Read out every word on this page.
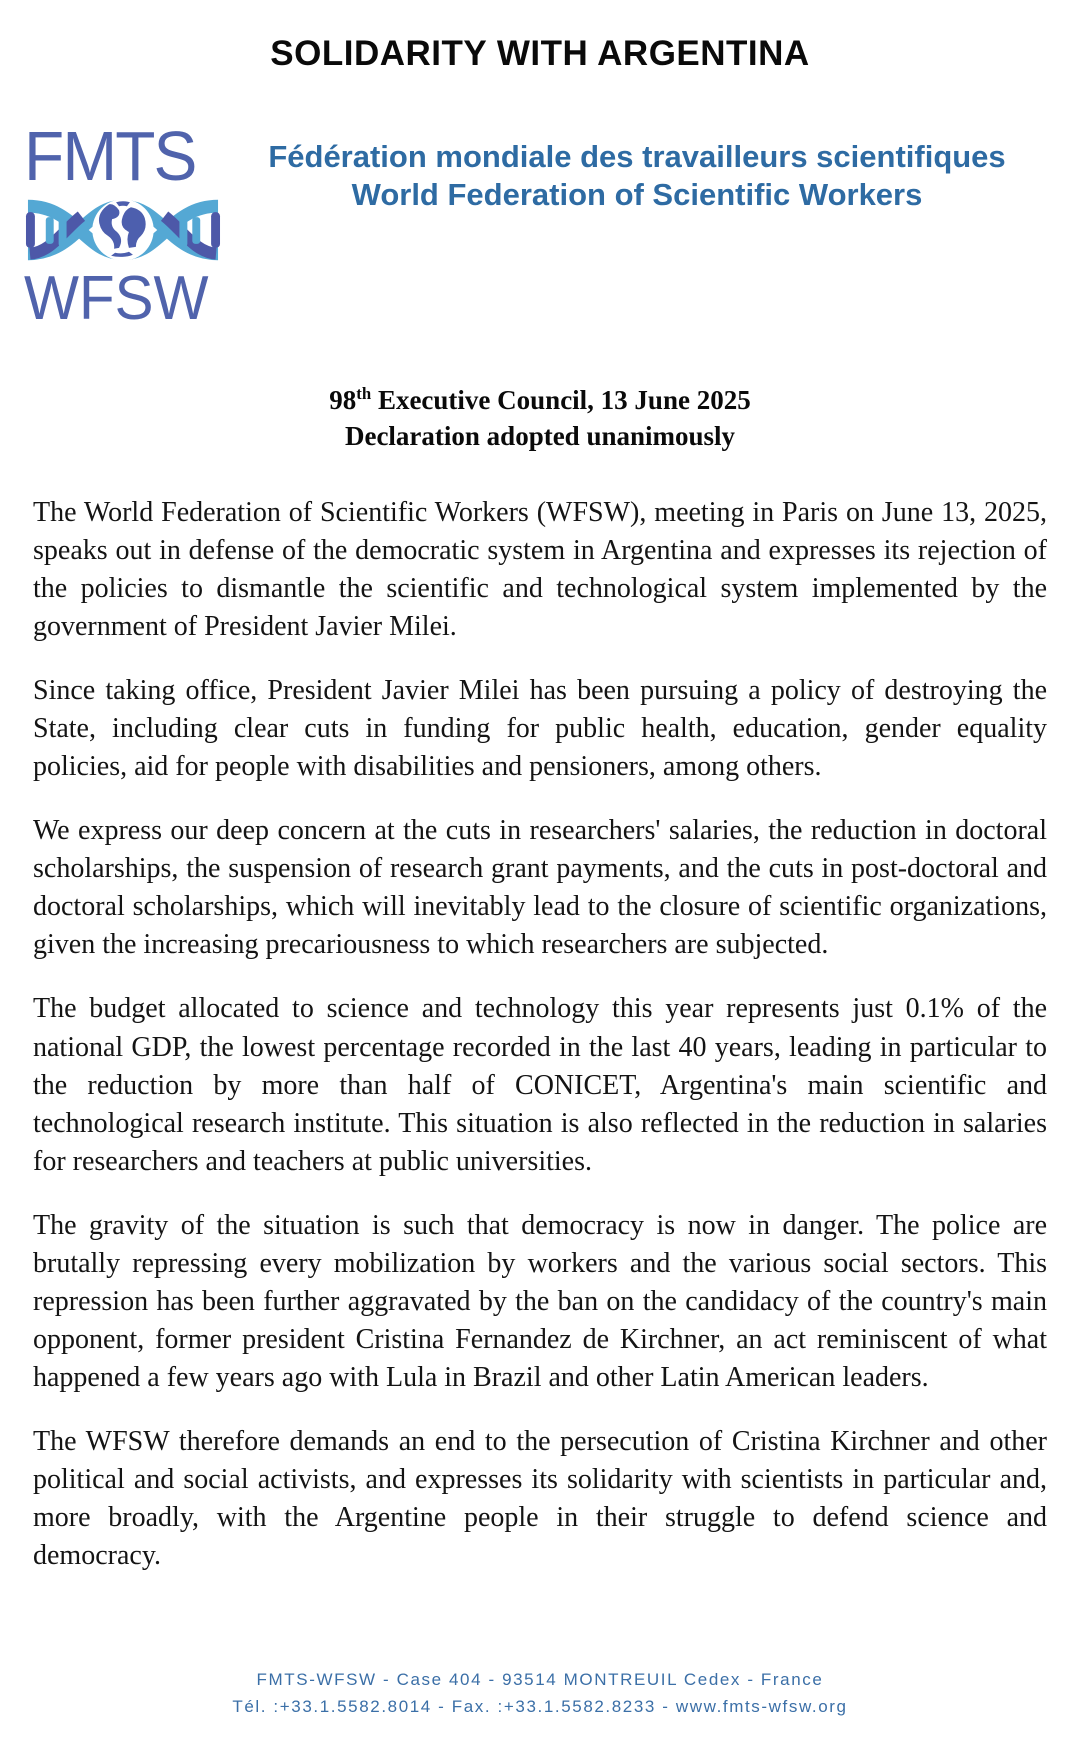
SOLIDARITY WITH ARGENTINA
FMTS
WFSW
Fédération mondiale des travailleurs scientifiques
World Federation of Scientific Workers
98th Executive Council, 13 June 2025
Declaration adopted unanimously

The World Federation of Scientific Workers (WFSW), meeting in Paris on June 13, 2025, speaks out in defense of the democratic system in Argentina and expresses its rejection of the policies to dismantle the scientific and technological system implemented by the government of President Javier Milei.

Since taking office, President Javier Milei has been pursuing a policy of destroying the State, including clear cuts in funding for public health, education, gender equality policies, aid for people with disabilities and pensioners, among others.

We express our deep concern at the cuts in researchers' salaries, the reduction in doctoral scholarships, the suspension of research grant payments, and the cuts in post-doctoral and doctoral scholarships, which will inevitably lead to the closure of scientific organizations, given the increasing precariousness to which researchers are subjected.

The budget allocated to science and technology this year represents just 0.1% of the national GDP, the lowest percentage recorded in the last 40 years, leading in particular to the reduction by more than half of CONICET, Argentina's main scientific and technological research institute. This situation is also reflected in the reduction in salaries for researchers and teachers at public universities.

The gravity of the situation is such that democracy is now in danger. The police are brutally repressing every mobilization by workers and the various social sectors. This repression has been further aggravated by the ban on the candidacy of the country's main opponent, former president Cristina Fernandez de Kirchner, an act reminiscent of what happened a few years ago with Lula in Brazil and other Latin American leaders.

The WFSW therefore demands an end to the persecution of Cristina Kirchner and other political and social activists, and expresses its solidarity with scientists in particular and, more broadly, with the Argentine people in their struggle to defend science and democracy.

FMTS-WFSW - Case 404 - 93514 MONTREUIL Cedex - France
Tél. :+33.1.5582.8014 - Fax. :+33.1.5582.8233 - www.fmts-wfsw.org
